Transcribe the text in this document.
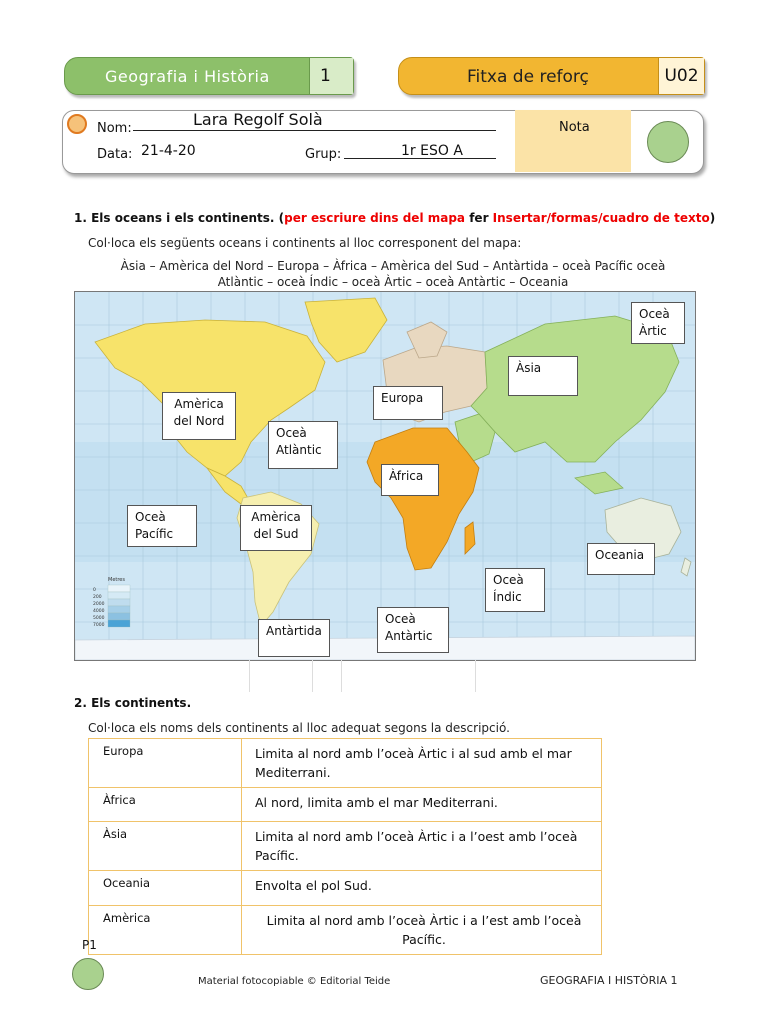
Geografia i Història	1	Fitxa de reforç	U02
Nota
Nom:	Lara Regolf Solà
Data: 21-4-20	Grup:	1r ESO A
1. Els oceans i els continents. (per escriure dins del mapa fer Insertar/formas/cuadro de texto)
Col·loca els següents oceans i continents al lloc corresponent del mapa:
Àsia – Amèrica del Nord – Europa – Àfrica – Amèrica del Sud – Antàrtida – oceà Pacífic oceà
Atlàntic – oceà Índic – oceà Àrtic – oceà Antàrtic – Oceania
Metres
0
200
2000
4000
5000
7000
Oceà
Àrtic
Àsia
Europa
Amèrica
del Nord
Oceà
Atlàntic
Àfrica
Oceà
Pacífic
Amèrica
del Sud
Oceania
Oceà
Índic
Oceà
Antàrtic
Antàrtida
2. Els continents.
Col·loca els noms dels continents al lloc adequat segons la descripció.
Europa	Limita al nord amb l’oceà Àrtic i al sud amb el mar Mediterrani.
Àfrica	Al nord, limita amb el mar Mediterrani.
Àsia	Limita al nord amb l’oceà Àrtic i a l’oest amb l’oceà Pacífic.
Oceania	Envolta el pol Sud.
Amèrica	Limita al nord amb l’oceà Àrtic i a l’est amb l’oceà Pacífic.
P1
Material fotocopiable © Editorial Teide	GEOGRAFIA I HISTÒRIA 1
